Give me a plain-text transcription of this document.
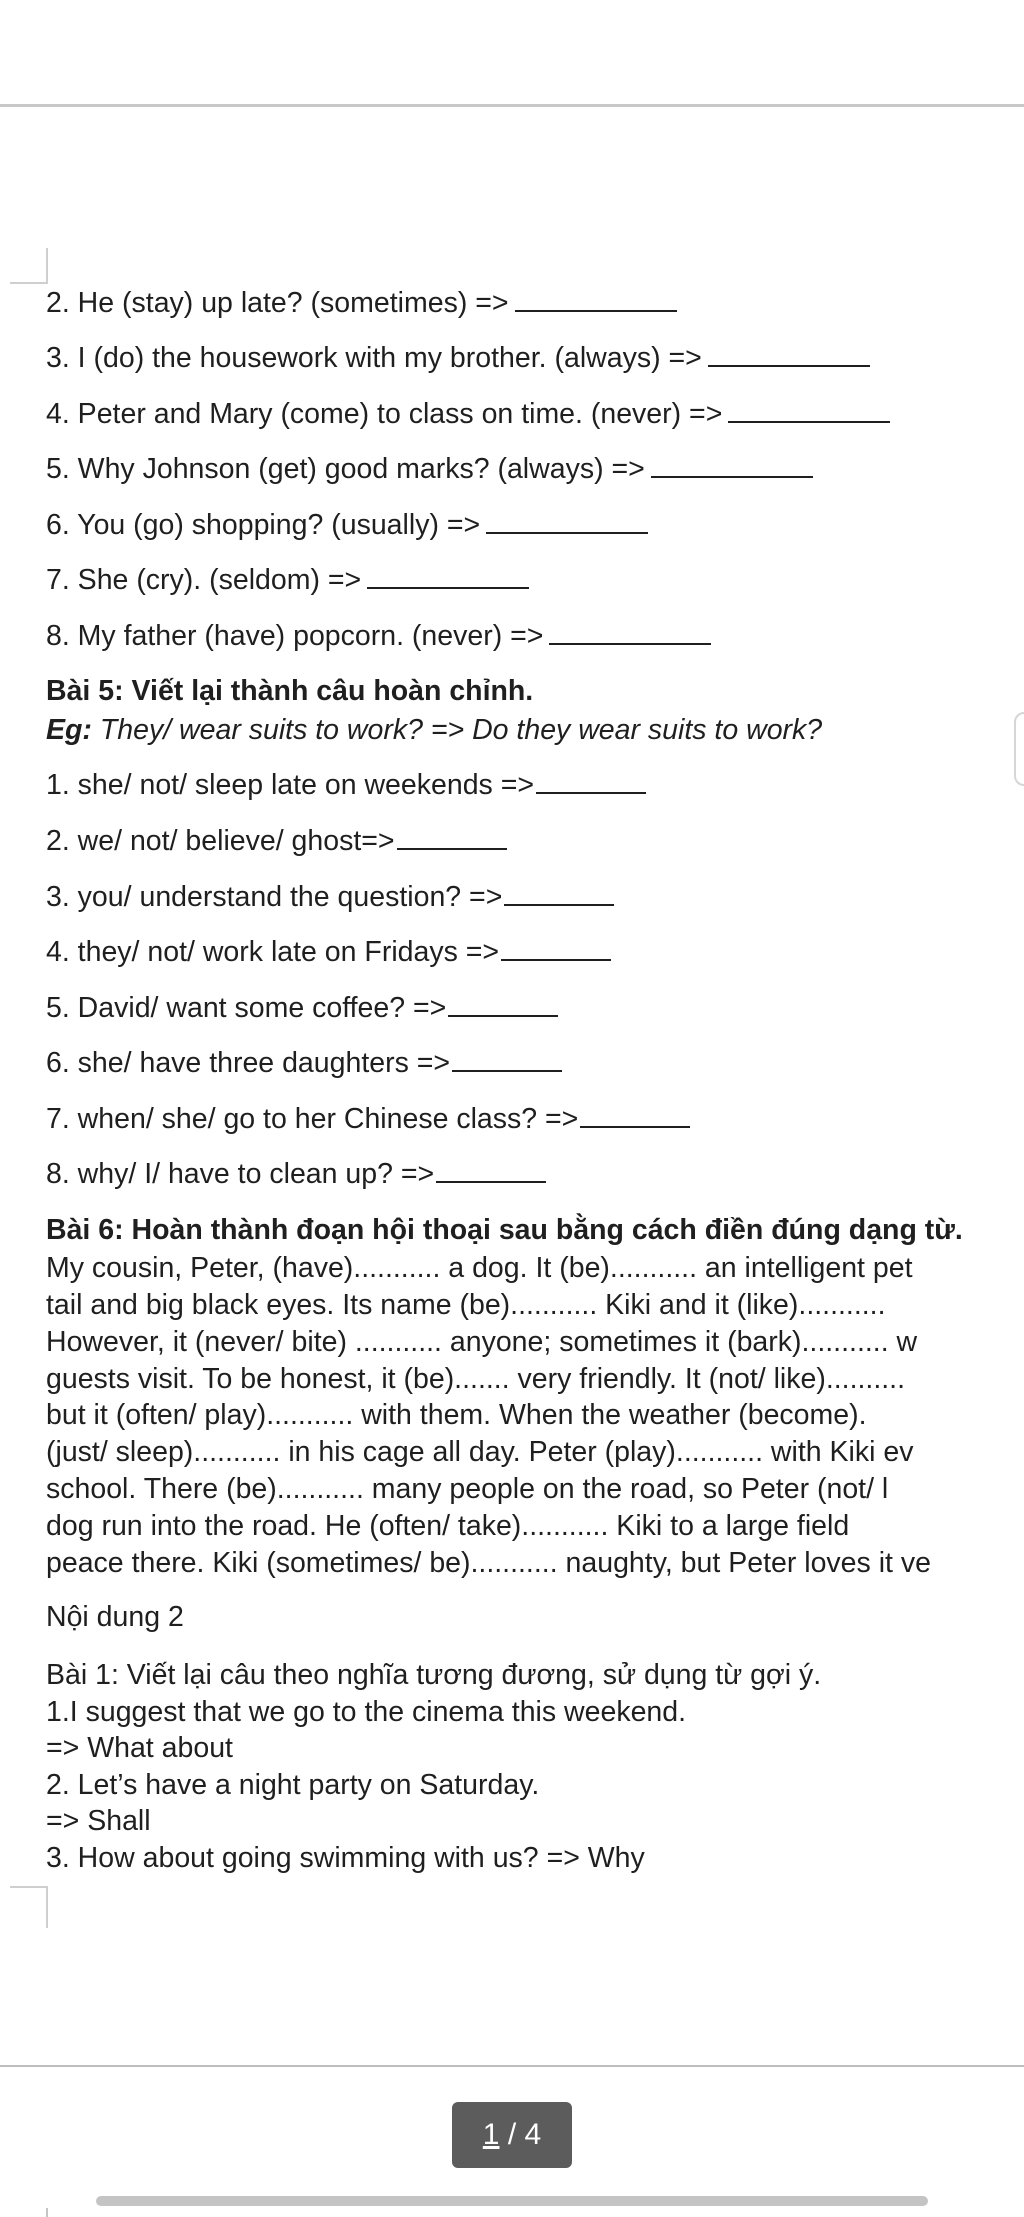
2. He (stay) up late? (sometimes) =>
3. I (do) the housework with my brother. (always) =>
4. Peter and Mary (come) to class on time. (never) =>
5. Why Johnson (get) good marks? (always) =>
6. You (go) shopping? (usually) =>
7. She (cry). (seldom) =>
8. My father (have) popcorn. (never) =>
Bài 5: Viết lại thành câu hoàn chỉnh.
Eg: They/ wear suits to work? => Do they wear suits to work?
1. she/ not/ sleep late on weekends =>
2. we/ not/ believe/ ghost=>
3. you/ understand the question? =>
4. they/ not/ work late on Fridays =>
5. David/ want some coffee? =>
6. she/ have three daughters =>
7. when/ she/ go to her Chinese class? =>
8. why/ I/ have to clean up? =>
Bài 6: Hoàn thành đoạn hội thoại sau bằng cách điền đúng dạng từ.
My cousin, Peter, (have)........... a dog. It (be)........... an intelligent pet
tail and big black eyes. Its name (be)........... Kiki and it (like)...........
However, it (never/ bite) ........... anyone; sometimes it (bark)........... w
guests visit. To be honest, it (be)....... very friendly. It (not/ like)..........
but it (often/ play)........... with them. When the weather (become).
(just/ sleep)........... in his cage all day. Peter (play)........... with Kiki ev
school. There (be)........... many people on the road, so Peter (not/ l
dog run into the road. He (often/ take)........... Kiki to a large field
peace there. Kiki (sometimes/ be)........... naughty, but Peter loves it ve
Nội dung 2
Bài 1: Viết lại câu theo nghĩa tương đương, sử dụng từ gợi ý.
1.I suggest that we go to the cinema this weekend.
=> What about
2. Let’s have a night party on Saturday.
=> Shall
3. How about going swimming with us? => Why
1 / 4
